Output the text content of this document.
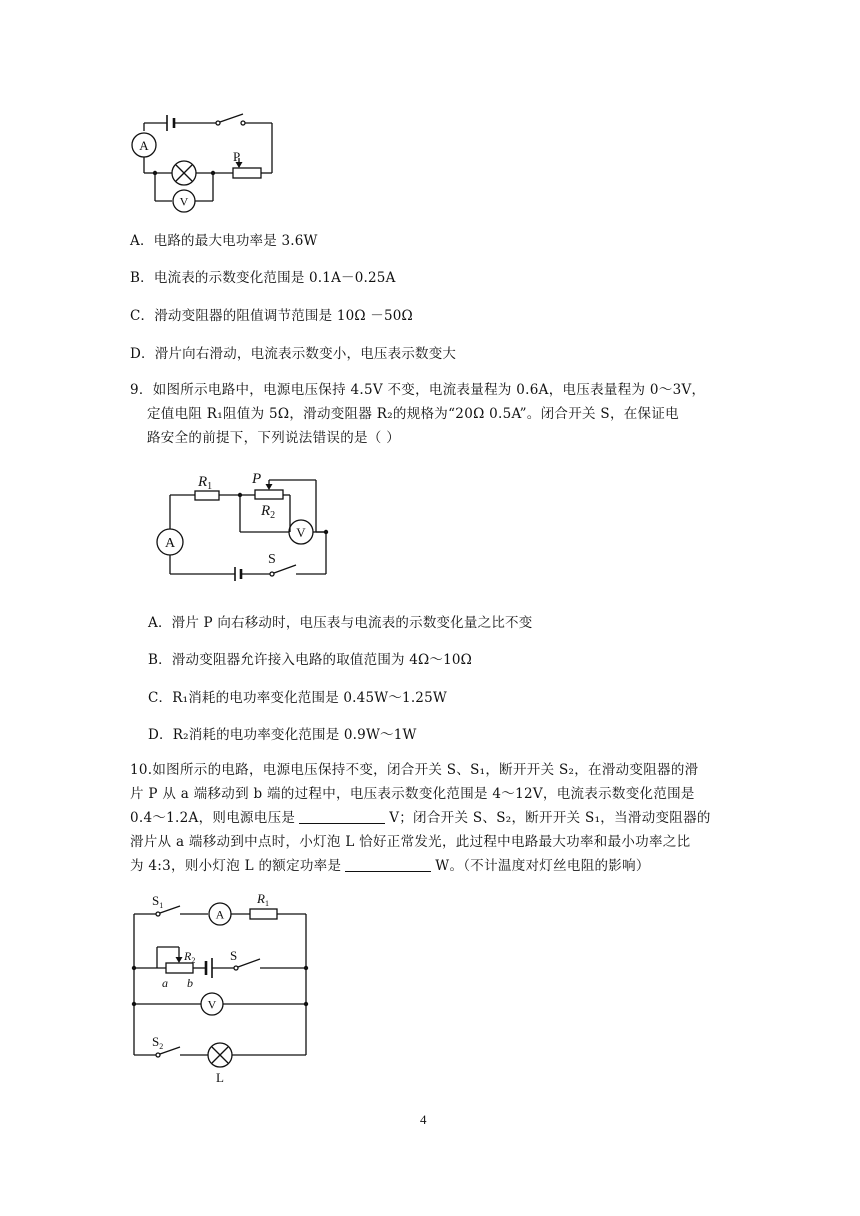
A
V
P
A．电路的最大电功率是 3.6W
B．电流表的示数变化范围是 0.1A－0.25A
C．滑动变阻器的阻值调节范围是 10Ω －50Ω
D．滑片向右滑动，电流表示数变小，电压表示数变大
9．如图所示电路中，电源电压保持 4.5V 不变，电流表量程为 0.6A，电压表量程为 0～3V，
定值电阻 R₁阻值为 5Ω，滑动变阻器 R₂的规格为“20Ω 0.5A”。闭合开关 S，在保证电
路安全的前提下，下列说法错误的是（ ）
$R_1$	P
$R_2$
A
V
S
A．滑片 P 向右移动时，电压表与电流表的示数变化量之比不变
B．滑动变阻器允许接入电路的取值范围为 4Ω～10Ω
C．R₁消耗的电功率变化范围是 0.45W～1.25W
D．R₂消耗的电功率变化范围是 0.9W～1W
10.如图所示的电路，电源电压保持不变，闭合开关 S、S₁，断开开关 S₂，在滑动变阻器的滑
片 P 从 a 端移动到 b 端的过程中，电压表示数变化范围是 4～12V，电流表示数变化范围是
0.4～1.2A，则电源电压是	V；闭合开关 S、S₂，断开开关 S₁，当滑动变阻器的
滑片从 a 端移动到中点时，小灯泡 L 恰好正常发光，此过程中电路最大功率和最小功率之比
为 4:3，则小灯泡 L 的额定功率是	W。（不计温度对灯丝电阻的影响）
$S_1$
A
$R_1$
$R_2$
a b
S
V
$S_2$
L
4
